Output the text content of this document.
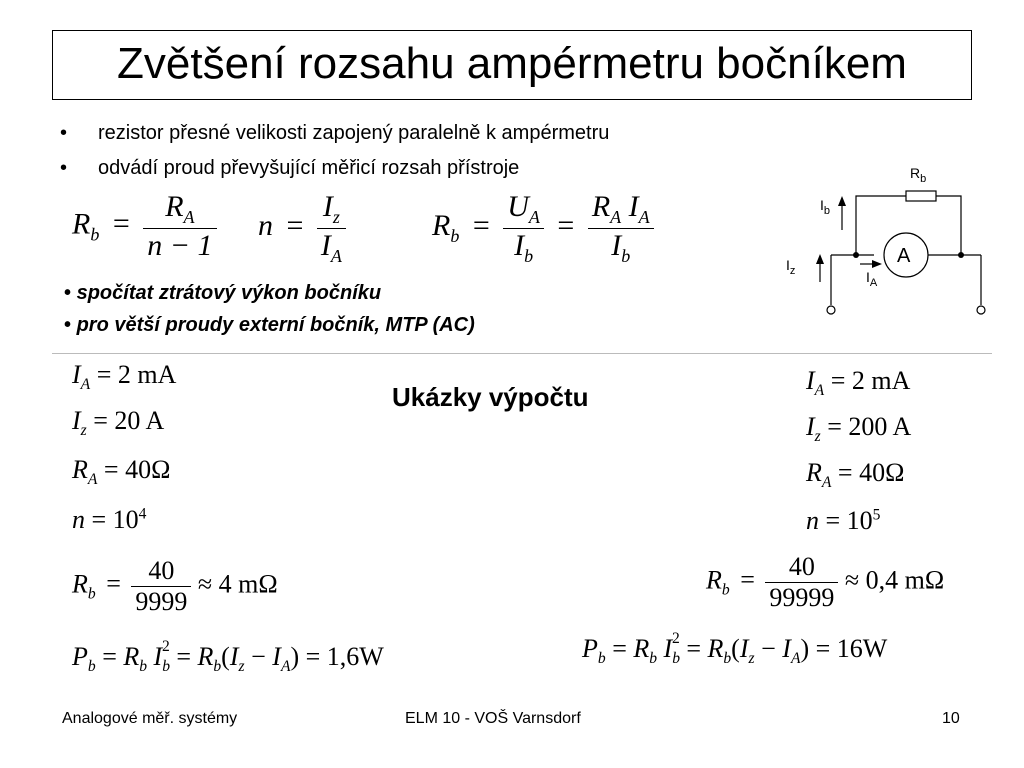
Zvětšení rozsahu ampérmetru bočníkem
• rezistor přesné velikosti zapojený paralelně k ampérmetru
• odvádí proud převyšující měřicí rozsah přístroje
$R_b = \frac{R_A}{n - 1}$ $n = \frac{I_z}{I_A}$	$R_b = \frac{U_A}{I_b} = \frac{R_A I_A}{I_b}$
$R_b$
$I_b$
$I_z$	$I_A$
A
• spočítat ztrátový výkon bočníku
• pro větší proudy externí bočník, MTP (AC)
Ukázky výpočtu
$I_A = 2$ mA
$I_z = 20$ A
$R_A = 40\Omega$
$n = 10^4$
$R_b = \frac{40}{9999} \approx 4$ mΩ
$P_b = R_b$ $I_b^2 = R_b(I_z - I_A) = 1,6W$
$I_A = 2$ mA
$I_z = 200$ A
$R_A = 40\Omega$
$n = 10^5$
$R_b = \frac{40}{99999} \approx 0,4$ mΩ
$P_b = R_b$ $I_b^2 = R_b(I_z - I_A) = 16W$
Analogové měř. systémy	ELM 10 - VOŠ Varnsdorf	10
